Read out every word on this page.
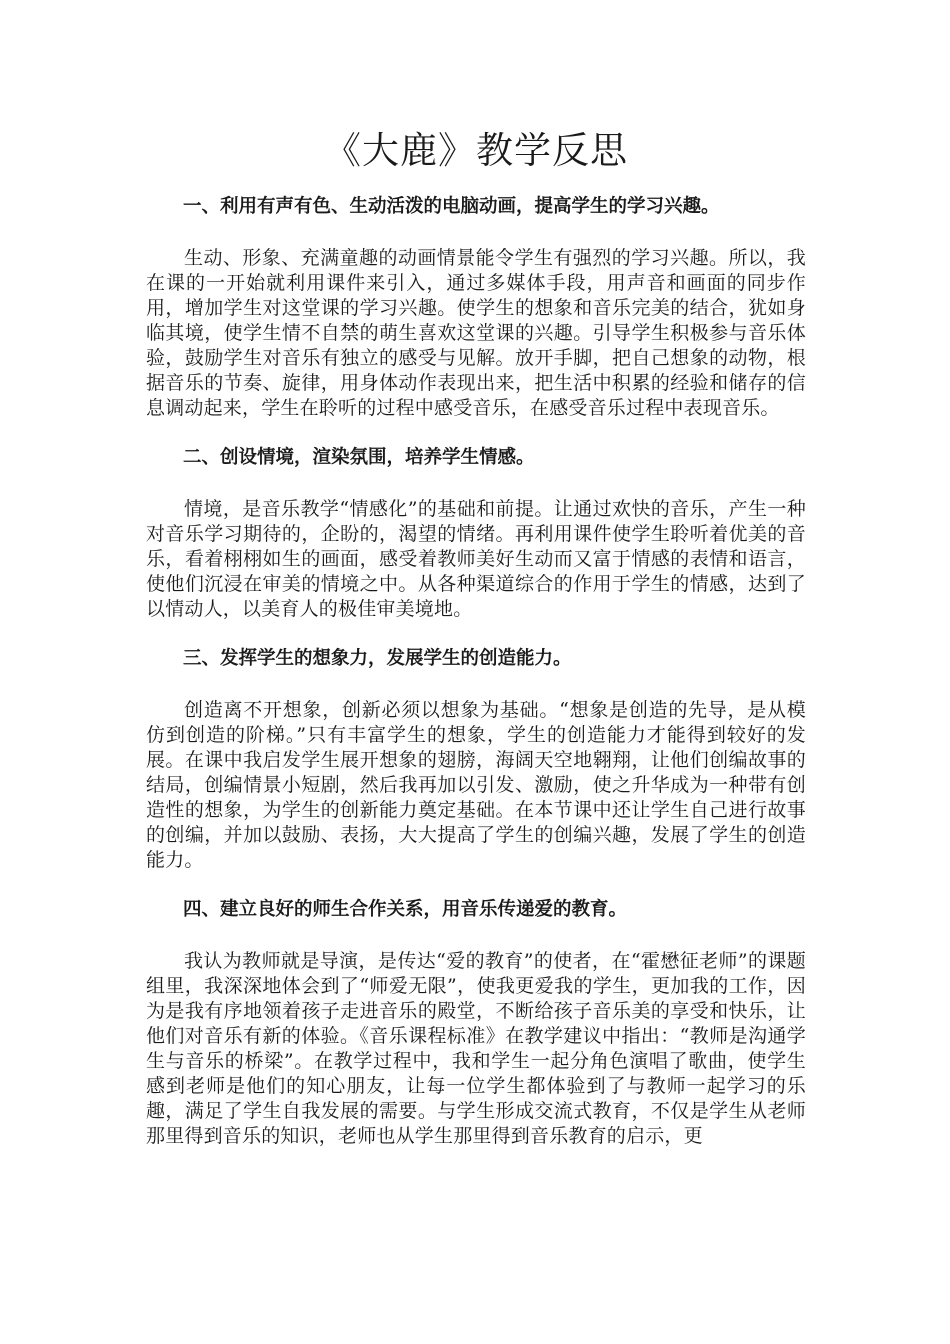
《大鹿》教学反思
一、利用有声有色、生动活泼的电脑动画，提高学生的学习兴趣。

生动、形象、充满童趣的动画情景能令学生有强烈的学习兴趣。所以，我在课的一开始就利用课件来引入，通过多媒体手段，用声音和画面的同步作用，增加学生对这堂课的学习兴趣。使学生的想象和音乐完美的结合，犹如身临其境，使学生情不自禁的萌生喜欢这堂课的兴趣。引导学生积极参与音乐体验，鼓励学生对音乐有独立的感受与见解。放开手脚，把自己想象的动物，根据音乐的节奏、旋律，用身体动作表现出来，把生活中积累的经验和储存的信息调动起来，学生在聆听的过程中感受音乐，在感受音乐过程中表现音乐。

二、创设情境，渲染氛围，培养学生情感。

情境，是音乐教学“情感化”的基础和前提。让通过欢快的音乐，产生一种对音乐学习期待的，企盼的，渴望的情绪。再利用课件使学生聆听着优美的音乐，看着栩栩如生的画面，感受着教师美好生动而又富于情感的表情和语言，使他们沉浸在审美的情境之中。从各种渠道综合的作用于学生的情感，达到了以情动人，以美育人的极佳审美境地。

三、发挥学生的想象力，发展学生的创造能力。

创造离不开想象，创新必须以想象为基础。“想象是创造的先导，是从模仿到创造的阶梯。”只有丰富学生的想象，学生的创造能力才能得到较好的发展。在课中我启发学生展开想象的翅膀，海阔天空地翱翔，让他们创编故事的结局，创编情景小短剧，然后我再加以引发、激励，使之升华成为一种带有创造性的想象，为学生的创新能力奠定基础。在本节课中还让学生自己进行故事的创编，并加以鼓励、表扬，大大提高了学生的创编兴趣，发展了学生的创造能力。

四、建立良好的师生合作关系，用音乐传递爱的教育。

我认为教师就是导演，是传达“爱的教育”的使者，在“霍懋征老师”的课题组里，我深深地体会到了“师爱无限”，使我更爱我的学生，更加我的工作，因为是我有序地领着孩子走进音乐的殿堂，不断给孩子音乐美的享受和快乐，让他们对音乐有新的体验。《音乐课程标准》在教学建议中指出：“教师是沟通学生与音乐的桥梁”。在教学过程中，我和学生一起分角色演唱了歌曲，使学生感到老师是他们的知心朋友，让每一位学生都体验到了与教师一起学习的乐趣，满足了学生自我发展的需要。与学生形成交流式教育，不仅是学生从老师那里得到音乐的知识，老师也从学生那里得到音乐教育的启示，更
